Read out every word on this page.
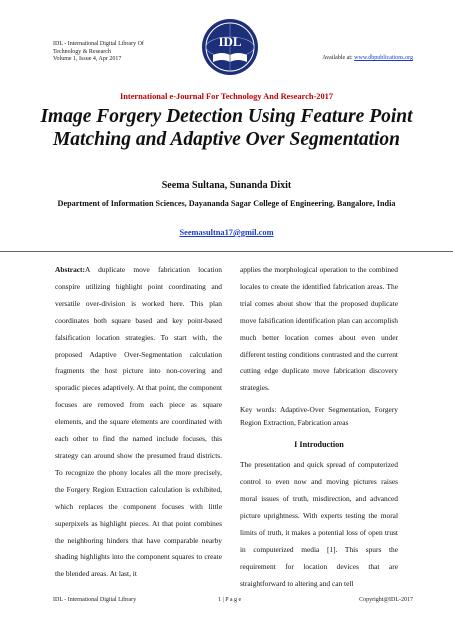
IDL - International Digital Library Of
Technology & Research
Volume 1, Issue 4, Apr 2017
IDL
Available at: www.dbpublications.org
International e-Journal For Technology And Research-2017
Image Forgery Detection Using Feature Point Matching and Adaptive Over Segmentation
Seema Sultana, Sunanda Dixit
Department of Information Sciences, Dayananda Sagar College of Engineering, Bangalore, India
Seemasultna17@gmil.com

Abstract:A duplicate move fabrication location conspire utilizing highlight point coordinating and versatile over-division is worked here. This plan coordinates both square based and key point-based falsification location strategies. To start with, the proposed Adaptive Over-Segmentation calculation fragments the host picture into non-covering and sporadic pieces adaptively. At that point, the component focuses are removed from each piece as square elements, and the square elements are coordinated with each other to find the named include focuses, this strategy can around show the presumed fraud districts. To recognize the phony locales all the more precisely, the Forgery Region Extraction calculation is exhibited, which replaces the component focuses with little superpixels as highlight pieces. At that point combines the neighboring hinders that have comparable nearby shading highlights into the component squares to create the blended areas. At last, it

applies the morphological operation to the combined locales to create the identified fabrication areas. The trial comes about show that the proposed duplicate move falsification identification plan can accomplish much better location comes about even under different testing conditions contrasted and the current cutting edge duplicate move fabrication discovery strategies.

Key words: Adaptive-Over Segmentation, Forgery Region Extraction, Fabrication areas

I Introduction

The presentation and quick spread of computerized control to even now and moving pictures raises moral issues of truth, misdirection, and advanced picture uprightness. With experts testing the moral limits of truth, it makes a potential loss of open trust in computerized media [1]. This spurs the requirement for location devices that are straightforward to altering and can tell

IDL - International Digital Library	1 | P a g e	Copyright@IDL-2017
